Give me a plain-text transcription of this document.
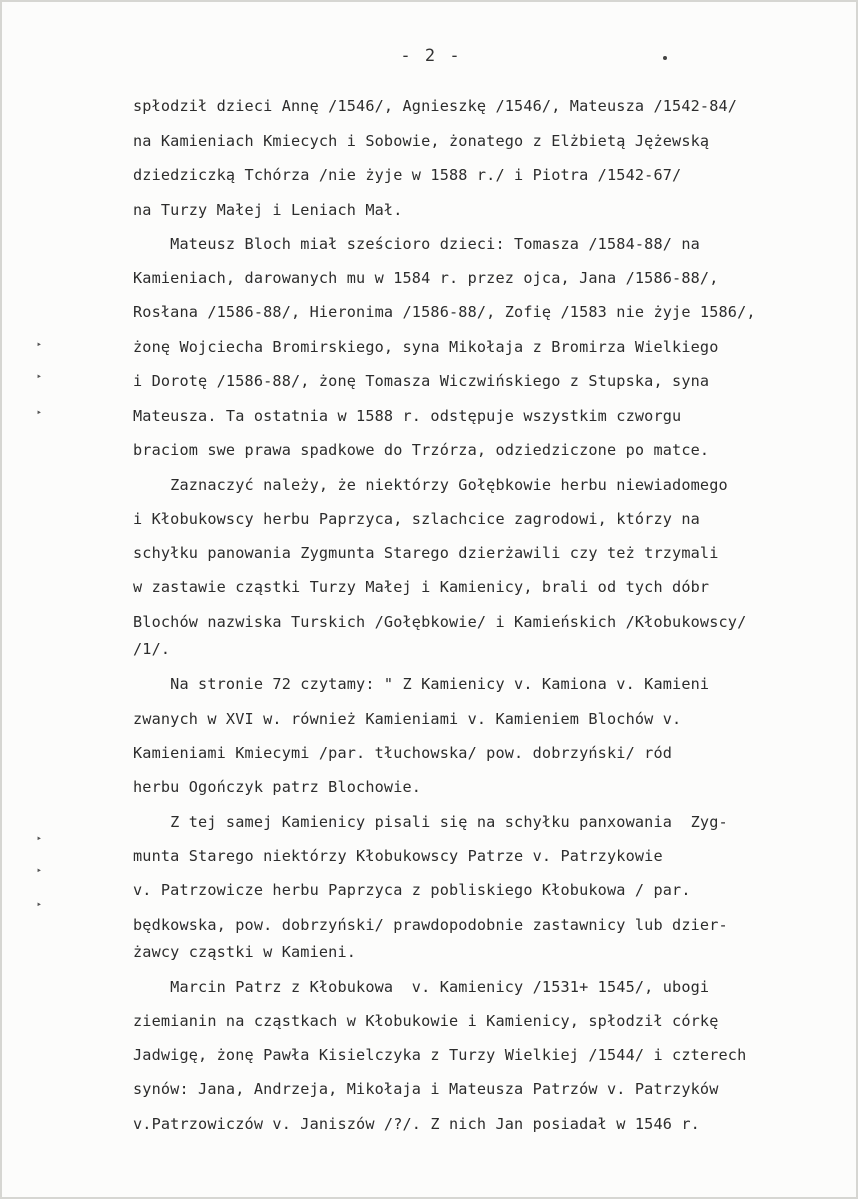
- 2 -
‣
‣
‣
‣
‣
‣
spłodził dzieci Annę /1546/, Agnieszkę /1546/, Mateusza /1542-84/
na Kamieniach Kmiecych i Sobowie, żonatego z Elżbietą Jężewską
dziedziczką Tchórza /nie żyje w 1588 r./ i Piotra /1542-67/
na Turzy Małej i Leniach Mał.
Mateusz Bloch miał sześcioro dzieci: Tomasza /1584-88/ na
Kamieniach, darowanych mu w 1584 r. przez ojca, Jana /1586-88/,
Rosłana /1586-88/, Hieronima /1586-88/, Zofię /1583 nie żyje 1586/,
żonę Wojciecha Bromirskiego, syna Mikołaja z Bromirza Wielkiego
i Dorotę /1586-88/, żonę Tomasza Wiczwińskiego z Stupska, syna
Mateusza. Ta ostatnia w 1588 r. odstępuje wszystkim czworgu
braciom swe prawa spadkowe do Trzórza, odziedziczone po matce.
Zaznaczyć należy, że niektórzy Gołębkowie herbu niewiadomego
i Kłobukowscy herbu Paprzyca, szlachcice zagrodowi, którzy na
schyłku panowania Zygmunta Starego dzierżawili czy też trzymali
w zastawie cząstki Turzy Małej i Kamienicy, brali od tych dóbr
Blochów nazwiska Turskich /Gołębkowie/ i Kamieńskich /Kłobukowscy/
/1/.
Na stronie 72 czytamy: " Z Kamienicy v. Kamiona v. Kamieni
zwanych w XVI w. również Kamieniami v. Kamieniem Blochów v.
Kamieniami Kmiecymi /par. tłuchowska/ pow. dobrzyński/ ród
herbu Ogończyk patrz Blochowie.
Z tej samej Kamienicy pisali się na schyłku panxowania  Zyg-
munta Starego niektórzy Kłobukowscy Patrze v. Patrzykowie
v. Patrzowicze herbu Paprzyca z pobliskiego Kłobukowa / par.
będkowska, pow. dobrzyński/ prawdopodobnie zastawnicy lub dzier-
żawcy cząstki w Kamieni.
Marcin Patrz z Kłobukowa  v. Kamienicy /1531+ 1545/, ubogi
ziemianin na cząstkach w Kłobukowie i Kamienicy, spłodził córkę
Jadwigę, żonę Pawła Kisielczyka z Turzy Wielkiej /1544/ i czterech
synów: Jana, Andrzeja, Mikołaja i Mateusza Patrzów v. Patrzyków
v.Patrzowiczów v. Janiszów /?/. Z nich Jan posiadał w 1546 r.
